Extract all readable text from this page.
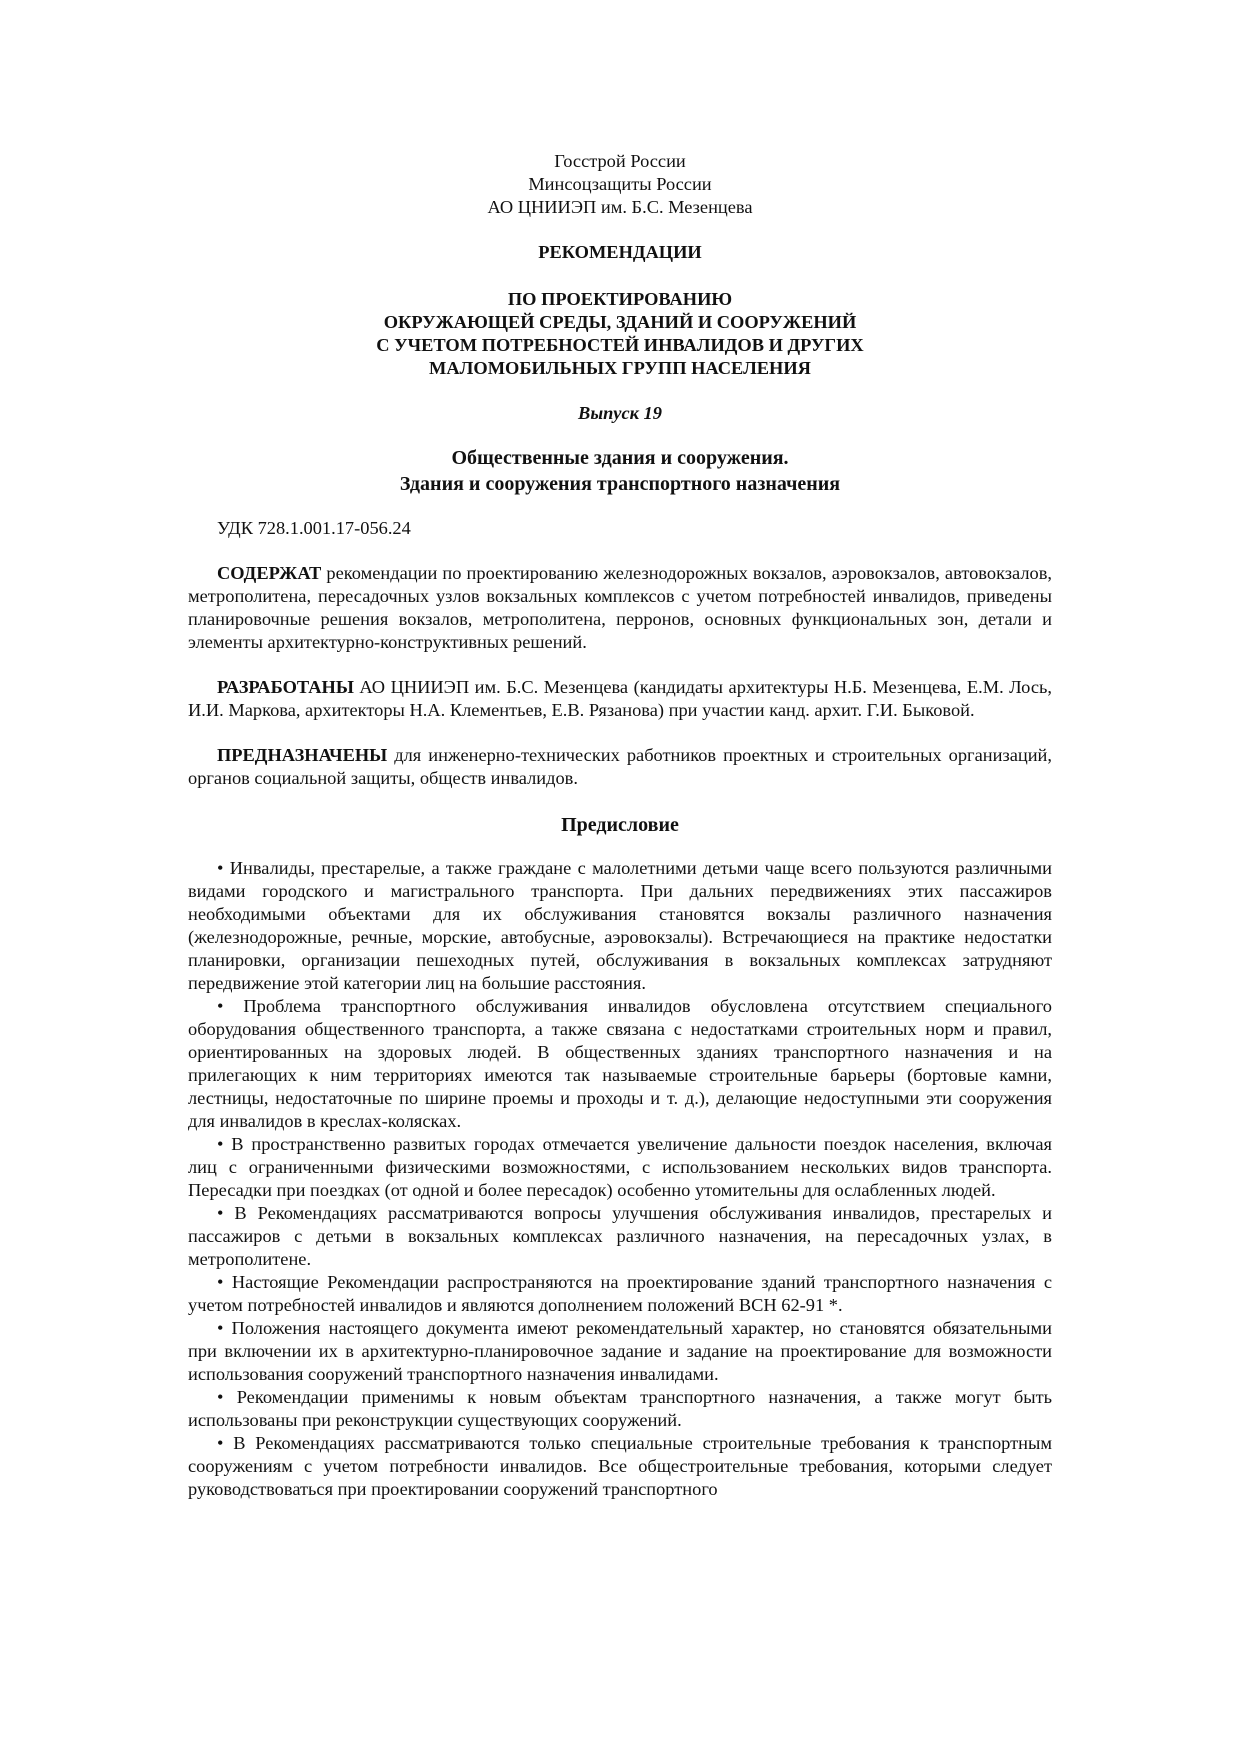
Госстрой России

Минсоцзащиты России

АО ЦНИИЭП им. Б.С. Мезенцева

РЕКОМЕНДАЦИИ

ПО ПРОЕКТИРОВАНИЮ

ОКРУЖАЮЩЕЙ СРЕДЫ, ЗДАНИЙ И СООРУЖЕНИЙ

С УЧЕТОМ ПОТРЕБНОСТЕЙ ИНВАЛИДОВ И ДРУГИХ

МАЛОМОБИЛЬНЫХ ГРУПП НАСЕЛЕНИЯ

Выпуск 19

Общественные здания и сооружения.

Здания и сооружения транспортного назначения

УДК 728.1.001.17-056.24

СОДЕРЖАТ рекомендации по проектированию железнодорожных вокзалов, аэровокзалов, автовокзалов, метрополитена, пересадочных узлов вокзальных комплексов с учетом потребностей инвалидов, приведены планировочные решения вокзалов, метрополитена, перронов, основных функциональных зон, детали и элементы архитектурно-конструктивных решений.

РАЗРАБОТАНЫ АО ЦНИИЭП им. Б.С. Мезенцева (кандидаты архитектуры Н.Б. Мезенцева, Е.М. Лось, И.И. Маркова, архитекторы Н.А. Клементьев, Е.В. Рязанова) при участии канд. архит. Г.И. Быковой.

ПРЕДНАЗНАЧЕНЫ для инженерно-технических работников проектных и строительных организаций, органов социальной защиты, обществ инвалидов.

Предисловие

• Инвалиды, престарелые, а также граждане с малолетними детьми чаще всего пользуются различными видами городского и магистрального транспорта. При дальних передвижениях этих пассажиров необходимыми объектами для их обслуживания становятся вокзалы различного назначения (железнодорожные, речные, морские, автобусные, аэровокзалы). Встречающиеся на практике недостатки планировки, организации пешеходных путей, обслуживания в вокзальных комплексах затрудняют передвижение этой категории лиц на большие расстояния.

• Проблема транспортного обслуживания инвалидов обусловлена отсутствием специального оборудования общественного транспорта, а также связана с недостатками строительных норм и правил, ориентированных на здоровых людей. В общественных зданиях транспортного назначения и на прилегающих к ним территориях имеются так называемые строительные барьеры (бортовые камни, лестницы, недостаточные по ширине проемы и проходы и т. д.), делающие недоступными эти сооружения для инвалидов в креслах-колясках.

• В пространственно развитых городах отмечается увеличение дальности поездок населения, включая лиц с ограниченными физическими возможностями, с использованием нескольких видов транспорта. Пересадки при поездках (от одной и более пересадок) особенно утомительны для ослабленных людей.

• В Рекомендациях рассматриваются вопросы улучшения обслуживания инвалидов, престарелых и пассажиров с детьми в вокзальных комплексах различного назначения, на пересадочных узлах, в метрополитене.

• Настоящие Рекомендации распространяются на проектирование зданий транспортного назначения с учетом потребностей инвалидов и являются дополнением положений ВСН 62-91 *.

• Положения настоящего документа имеют рекомендательный характер, но становятся обязательными при включении их в архитектурно-планировочное задание и задание на проектирование для возможности использования сооружений транспортного назначения инвалидами.

• Рекомендации применимы к новым объектам транспортного назначения, а также могут быть использованы при реконструкции существующих сооружений.

• В Рекомендациях рассматриваются только специальные строительные требования к транспортным сооружениям с учетом потребности инвалидов. Все общестроительные требования, которыми следует руководствоваться при проектировании сооружений транспортного
